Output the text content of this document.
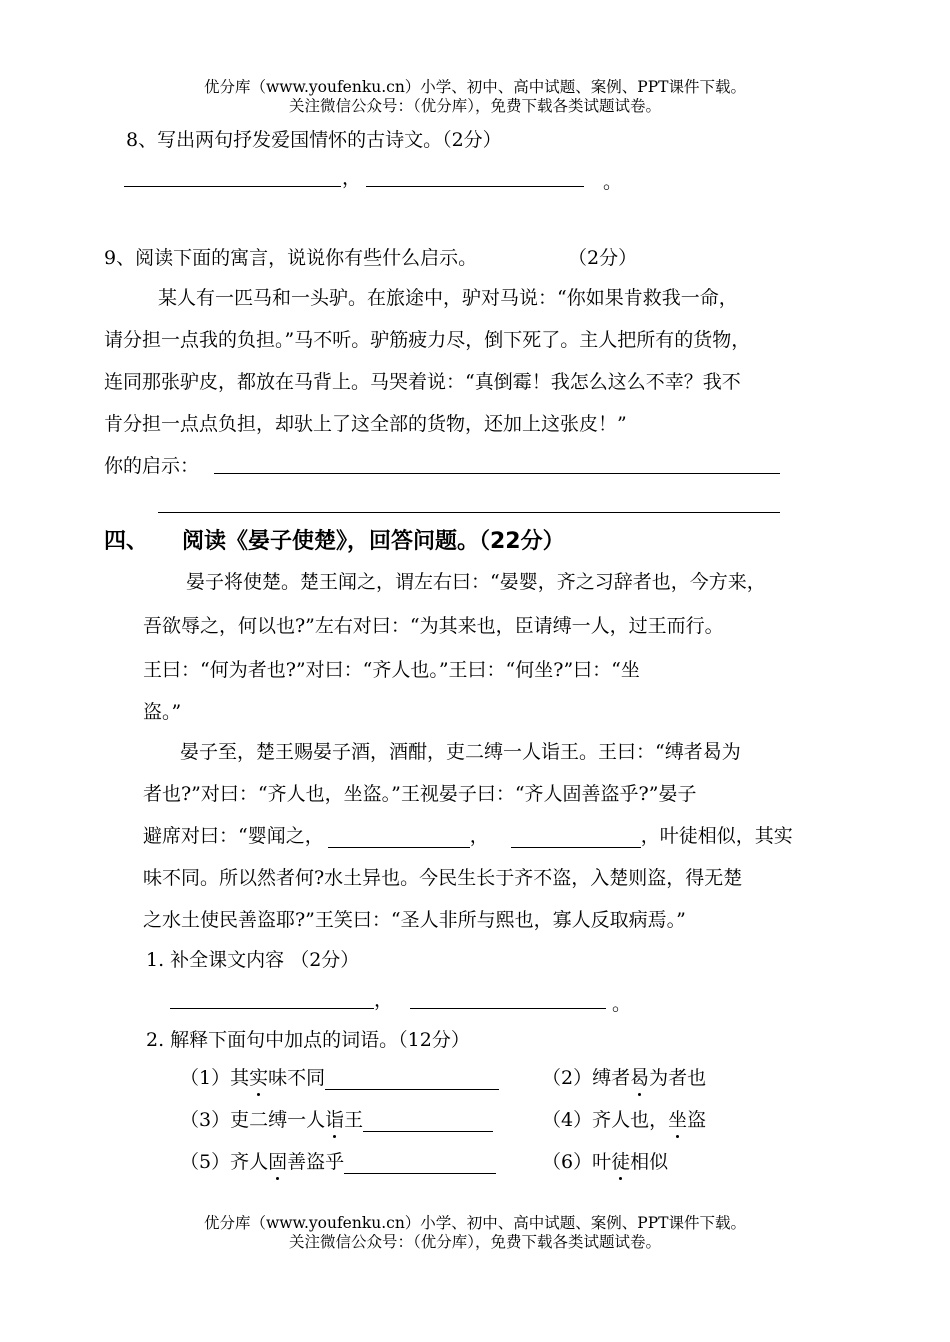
优分库（www.youfenku.cn）小学、初中、高中试题、案例、PPT课件下载。
关注微信公众号：（优分库），免费下载各类试题试卷。
8、写出两句抒发爱国情怀的古诗文。（2分）
，	。
9、阅读下面的寓言，说说你有些什么启示。	（2分）
某人有一匹马和一头驴。在旅途中，驴对马说：“你如果肯救我一命，
请分担一点我的负担。”马不听。驴筋疲力尽，倒下死了。主人把所有的货物，
连同那张驴皮，都放在马背上。马哭着说：“真倒霉！我怎么这么不幸？我不
肯分担一点点负担，却驮上了这全部的货物，还加上这张皮！”
你的启示：
四、 阅读《晏子使楚》，回答问题。（22分）
晏子将使楚。楚王闻之，谓左右曰：“晏婴，齐之习辞者也，今方来，
吾欲辱之，何以也?”左右对曰：“为其来也，臣请缚一人，过王而行。
王曰：“何为者也?”对曰：“齐人也。”王曰：“何坐?”曰：“坐
盗。”
晏子至，楚王赐晏子酒，酒酣，吏二缚一人诣王。王曰：“缚者曷为
者也?”对曰：“齐人也，坐盗。”王视晏子曰：“齐人固善盗乎?”晏子
避席对曰：“婴闻之，	，	，叶徒相似，其实
味不同。所以然者何?水土异也。今民生长于齐不盗，入楚则盗，得无楚
之水土使民善盗耶?”王笑曰：“圣人非所与熙也，寡人反取病焉。”
1. 补全课文内容 （2分）
，	。
2. 解释下面句中加点的词语。（12分）
（1）其实味不同	（2）缚者曷为者也
（3）吏二缚一人诣王	（4）齐人也，坐盗
（5）齐人固善盗乎	（6）叶徒相似
优分库（www.youfenku.cn）小学、初中、高中试题、案例、PPT课件下载。
关注微信公众号：（优分库），免费下载各类试题试卷。
